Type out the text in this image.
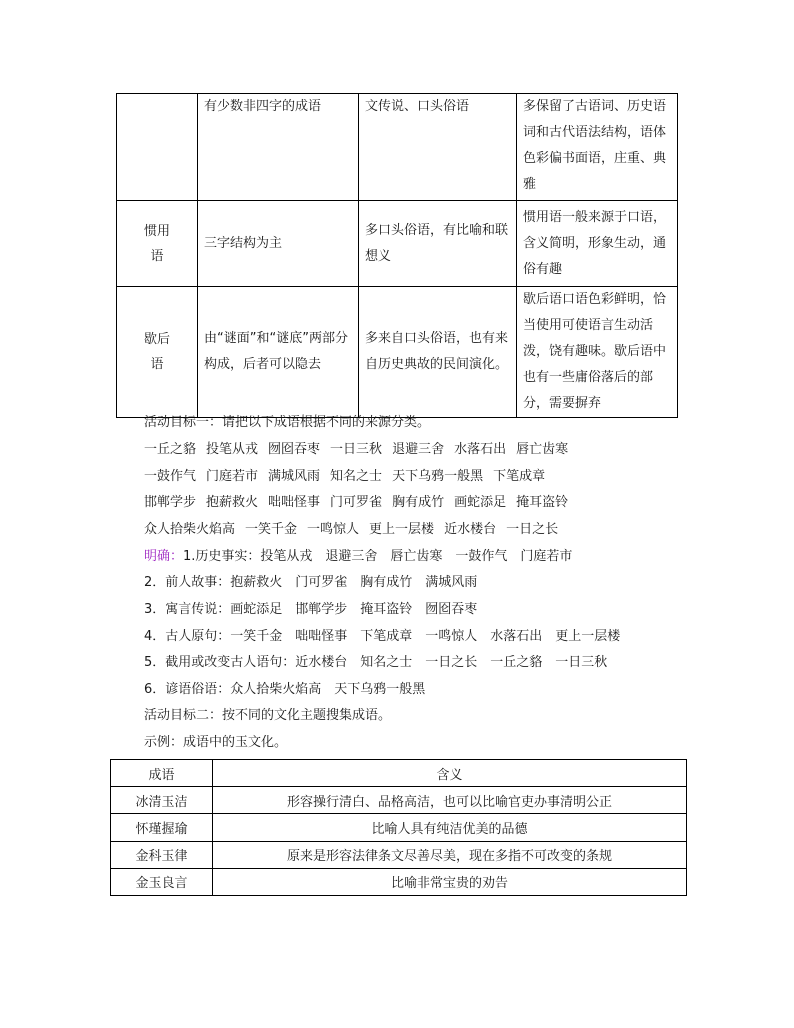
	有少数非四字的成语	文传说、口头俗语	多保留了古语词、历史语词和古代语法结构，语体色彩偏书面语，庄重、典雅

惯用语	三字结构为主	多口头俗语，有比喻和联想义	惯用语一般来源于口语，含义简明，形象生动，通俗有趣

歇后语	由“谜面”和“谜底”两部分构成，后者可以隐去	多来自口头俗语，也有来自历史典故的民间演化。	歇后语口语色彩鲜明，恰当使用可使语言生动活泼，饶有趣味。歇后语中也有一些庸俗落后的部分，需要摒弃
活动目标一：请把以下成语根据不同的来源分类。
一丘之貉 投笔从戎 囫囵吞枣 一日三秋 退避三舍 水落石出 唇亡齿寒
一鼓作气 门庭若市 满城风雨 知名之士 天下乌鸦一般黑 下笔成章
邯郸学步 抱薪救火 咄咄怪事 门可罗雀 胸有成竹 画蛇添足 掩耳盗铃
众人拾柴火焰高 一笑千金 一鸣惊人 更上一层楼 近水楼台 一日之长
明确：1.历史事实：投笔从戎　退避三舍　唇亡齿寒　一鼓作气　门庭若市
2．前人故事：抱薪救火　门可罗雀　胸有成竹　满城风雨
3．寓言传说：画蛇添足　邯郸学步　掩耳盗铃　囫囵吞枣
4．古人原句：一笑千金　咄咄怪事　下笔成章　一鸣惊人　水落石出　更上一层楼
5．截用或改变古人语句：近水楼台　知名之士　一日之长　一丘之貉　一日三秋
6．谚语俗语：众人拾柴火焰高　天下乌鸦一般黑
活动目标二：按不同的文化主题搜集成语。
示例：成语中的玉文化。
成语	含义
冰清玉洁	形容操行清白、品格高洁，也可以比喻官吏办事清明公正
怀瑾握瑜	比喻人具有纯洁优美的品德
金科玉律	原来是形容法律条文尽善尽美，现在多指不可改变的条规
金玉良言	比喻非常宝贵的劝告
